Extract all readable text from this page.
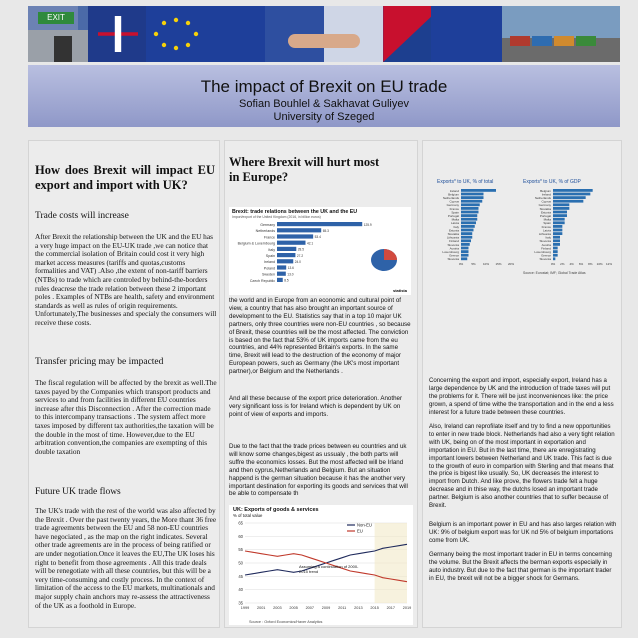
EXIT
The impact of Brexit on EU trade
Sofian Bouhlel & Sakhavat Guliyev
University of Szeged
How does Brexit will impact EU export and import with UK?
Trade costs will increase
After Brexit the relationship between the UK and the EU has a very huge impact on the EU-UK trade ,we can notice that the commercial isolation of Britain could cost it very high market access measures (tariffs and quotas,customs formalities and VAT) .Also ,the extent of non-tariff barriers (NTBs) to trade which are controled by behind-the-borders rules deacrese the trade relation between these 2 important poles . Examples of NTBs are health, safety and environment standards as well as rules of origin requirements. Unfortunately,The businesses and specialy the consumers will receive these costs.
Transfer pricing may be impacted
The fiscal regulation will be affected by the brexit as well.The taxes payed by the Companies which transport products and services to and from facilities in different EU countries increase after this Disconnection . After the correction made to this intercompany transactions . The system affect more taxes imposed by different tax authorities,the taxation will be the double in the most of time. However,due to the EU arbitration convention,the companies are exempting of this double taxation
Future UK trade flows
The UK's trade with the rest of the world was also affected by the Brexit . Over the past twenty years, the More thant 36 free trade agreements between the EU and 58 non-EU countries have negociated , as the map on the right indicates. Several other trade agreements are in the process of being ratified or are under negotiation.Once it leaves the EU,The UK loses his right to benefit from those agreements . All this trade deals will be renegotiate with all these countries, but this will be a very time-consuming and costly process. In the context of limitation of the access to the EU markets, multinationals and major supply chain anchors may re-assess the attractiveness of the UK as a foothold in Europe.
Where Brexit will hurt most in Europe?
Brexit: trade relations between the UK and the EU
Import/export of the United Kingdom (2016, in billion euros)
Germany	125.9
Netherlands	65.3
France	53.4
Belgium & Luxembourg	42.1
Italy	28.5
Spain	27.2
Ireland	24.0
Poland	13.6
Sweden	13.0
Czech Republic	8.5
statista
the world and in Europe from an economic and cultural point of view, a country that has also brought an important source of development to the EU. Statistics say that in a top 10 major UK partners, only three countries were non-EU countries , so because of Brexit, these countries will be the most affected. The conviction is based on the fact that 53% of UK imports came from the eu countries, and 44% represented Britain's exports. In the same time, Brexit will lead to the destruction of the economy of major European powers, such as Germany (the UK's most important partner),or Belgium and the Netherlands .
And all these because of the export price deterioration. Another very significant loss is for Ireland which is dependent by UK on point of view of exports and imports.
Due to the fact that the trade prices between eu countries and uk will know some changes,bigest as ussualy , the both parts will suffre the economics losses. But the most affected will be Irland and then cyprus,Netherlands and Belgium. But an situation happend is the german situation because it has the another very important destination for exporting its goods and services that will be able to compensate th
UK: Exports of goods & services
% of total value
35
40
45
50
55
60
65
1999 2001 2003 2005 2007 2009 2011 2013 2015 2017 2019
Non-EU
EU
Assuming a continuation of 2000-2015 trend
Source : Oxford Economics/Haver Analytics
Exports* to UK, % of total	Exports* to UK, % of GDP
Ireland
Belgium
Netherlands
Cyprus
Germany
France
Spain
Portugal
Malta
Latvia
Italy
Estonia
Slovakia
Lithuania
Finland
Slovenia
Austria
Luxembourg
Greece
Slovenia
0%	5% 10% 15% 20%
Belgium
Ireland
Netherlands
Cyprus
Germany
Slovakia
Estonia
Portugal
Malta
Spain
France
Latvia
Lithuania
Italy
Slovenia
Austria
Finland
Luxembourg
Greece
Slovenia
0% 2% 4% 6% 8% 10% 12%
Source: Eurostat; IMF; Global Trade Atlas
Concerning the export and import, especially export, Ireland has a large dependence by UK and the introduction of trade taxes will put the problems for it. There will be just inconveniences like: the price grown, a spend of time withe the transportation and in the end a less interest for a future trade between these countries.
Also, Ireland can reprofilate itself and try to find a new opportunities to enter in new trade block. Netherlands had also a very tight relation with UK, being on of the most important in exportation and importation in EU. But in the last time, there are enregistrating important lowers between Netherland and UK trade. This fact is due to the growth of euro in compartion with Sterling and that means that the price is bigest like usually. So, UK decreases the interest to import from Dutch. And like prove, the flowers trade felt a huge decrease and in thise way, the dutchs losed an important trade partner. Belgium is also another countries that to suffer because of Brexit.
Belgium is an important power in EU and has also larges relation with UK: 9% of belgium export was for UK nd 5% of belgium importations come from UK.
Germany being the most important trader in EU in terms concerning the volume. But the Brexit affects the berman exports especially in auto industry. But due to the fact that german is the important trader in EU, the brexit will not be a bigger shock for Germans.
